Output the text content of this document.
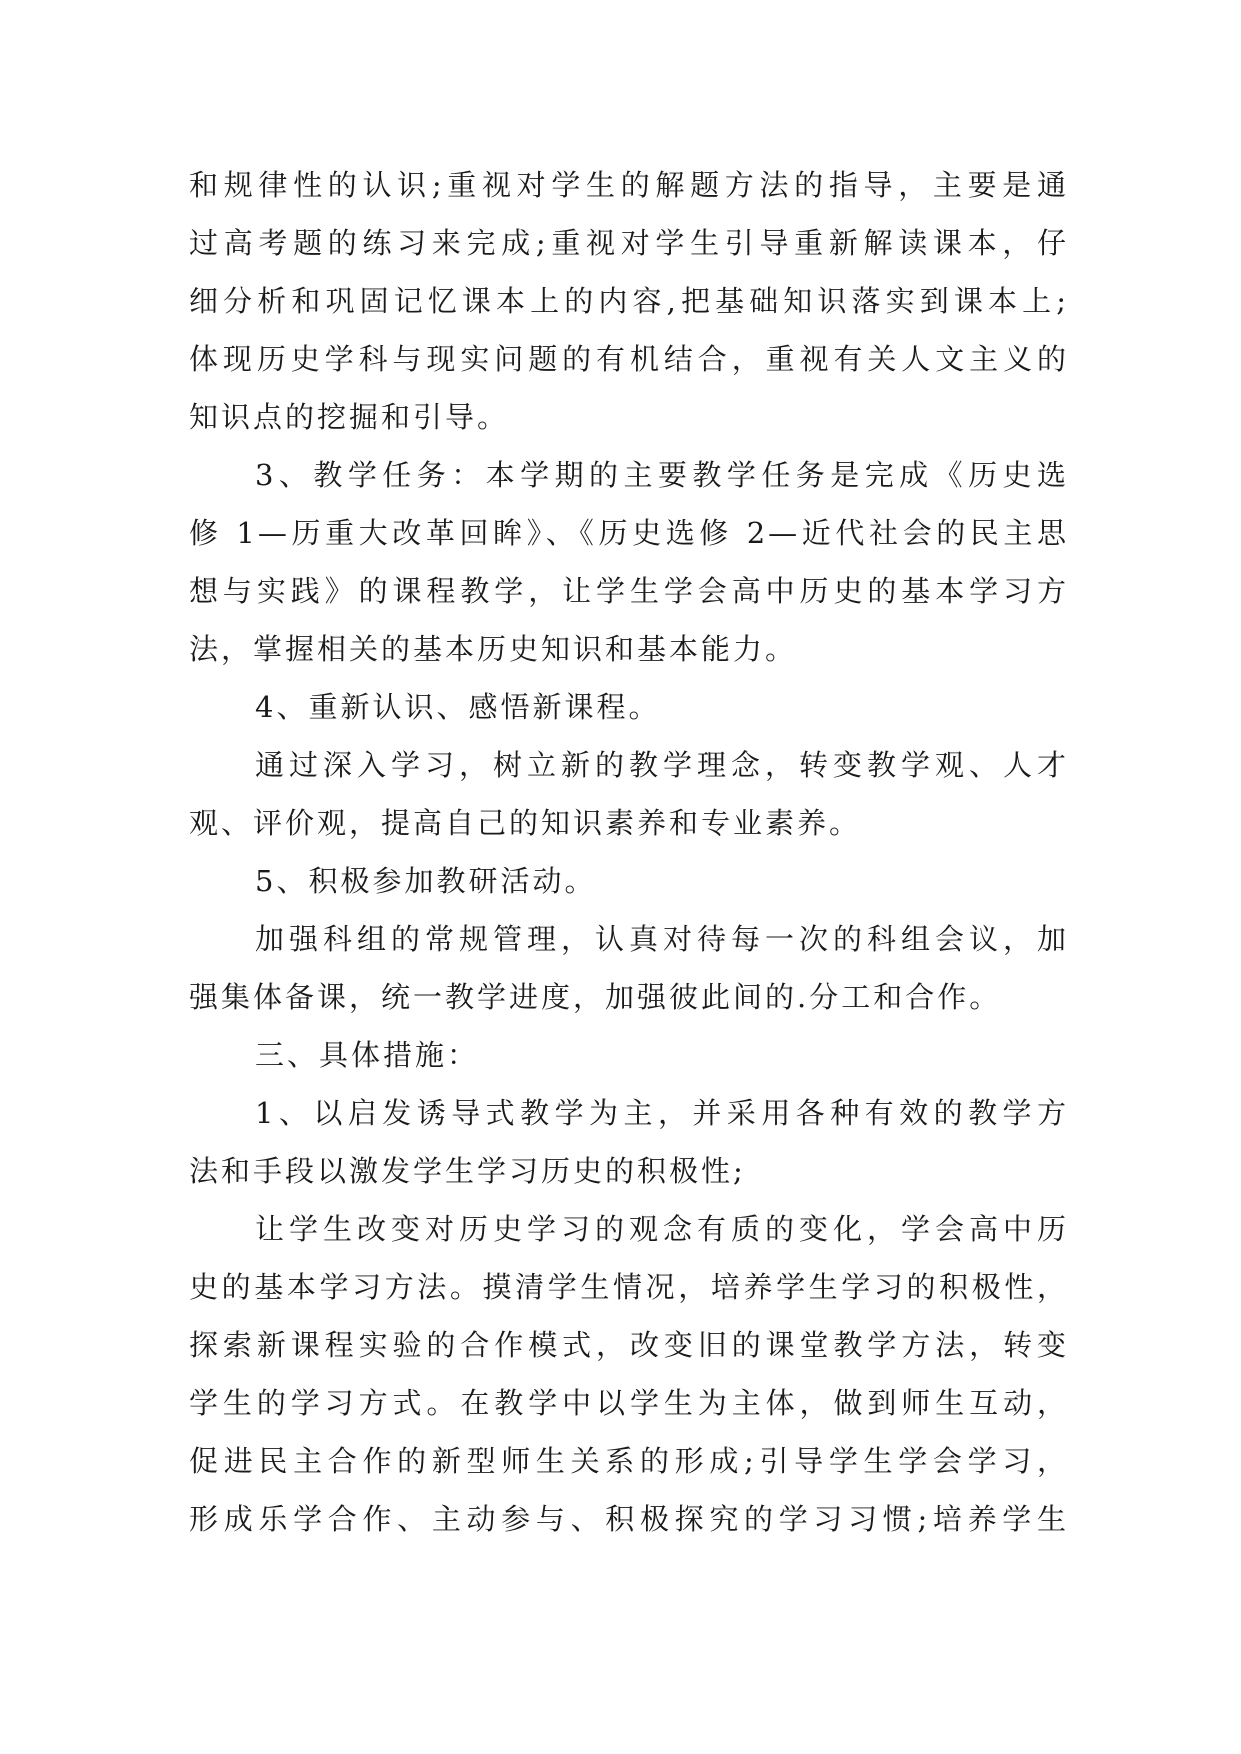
和规律性的认识;重视对学生的解题方法的指导，主要是通
过高考题的练习来完成;重视对学生引导重新解读课本，仔
细分析和巩固记忆课本上的内容,把基础知识落实到课本上;
体现历史学科与现实问题的有机结合，重视有关人文主义的
知识点的挖掘和引导。
3、教学任务：本学期的主要教学任务是完成《历史选
修 1—历重大改革回眸》、《历史选修 2—近代社会的民主思
想与实践》的课程教学，让学生学会高中历史的基本学习方
法，掌握相关的基本历史知识和基本能力。
4、重新认识、感悟新课程。
通过深入学习，树立新的教学理念，转变教学观、人才
观、评价观，提高自己的知识素养和专业素养。
5、积极参加教研活动。
加强科组的常规管理，认真对待每一次的科组会议，加
强集体备课，统一教学进度，加强彼此间的.分工和合作。
三、具体措施：
1、以启发诱导式教学为主，并采用各种有效的教学方
法和手段以激发学生学习历史的积极性;
让学生改变对历史学习的观念有质的变化，学会高中历
史的基本学习方法。摸清学生情况，培养学生学习的积极性，
探索新课程实验的合作模式，改变旧的课堂教学方法，转变
学生的学习方式。在教学中以学生为主体，做到师生互动，
促进民主合作的新型师生关系的形成;引导学生学会学习，
形成乐学合作、主动参与、积极探究的学习习惯;培养学生
